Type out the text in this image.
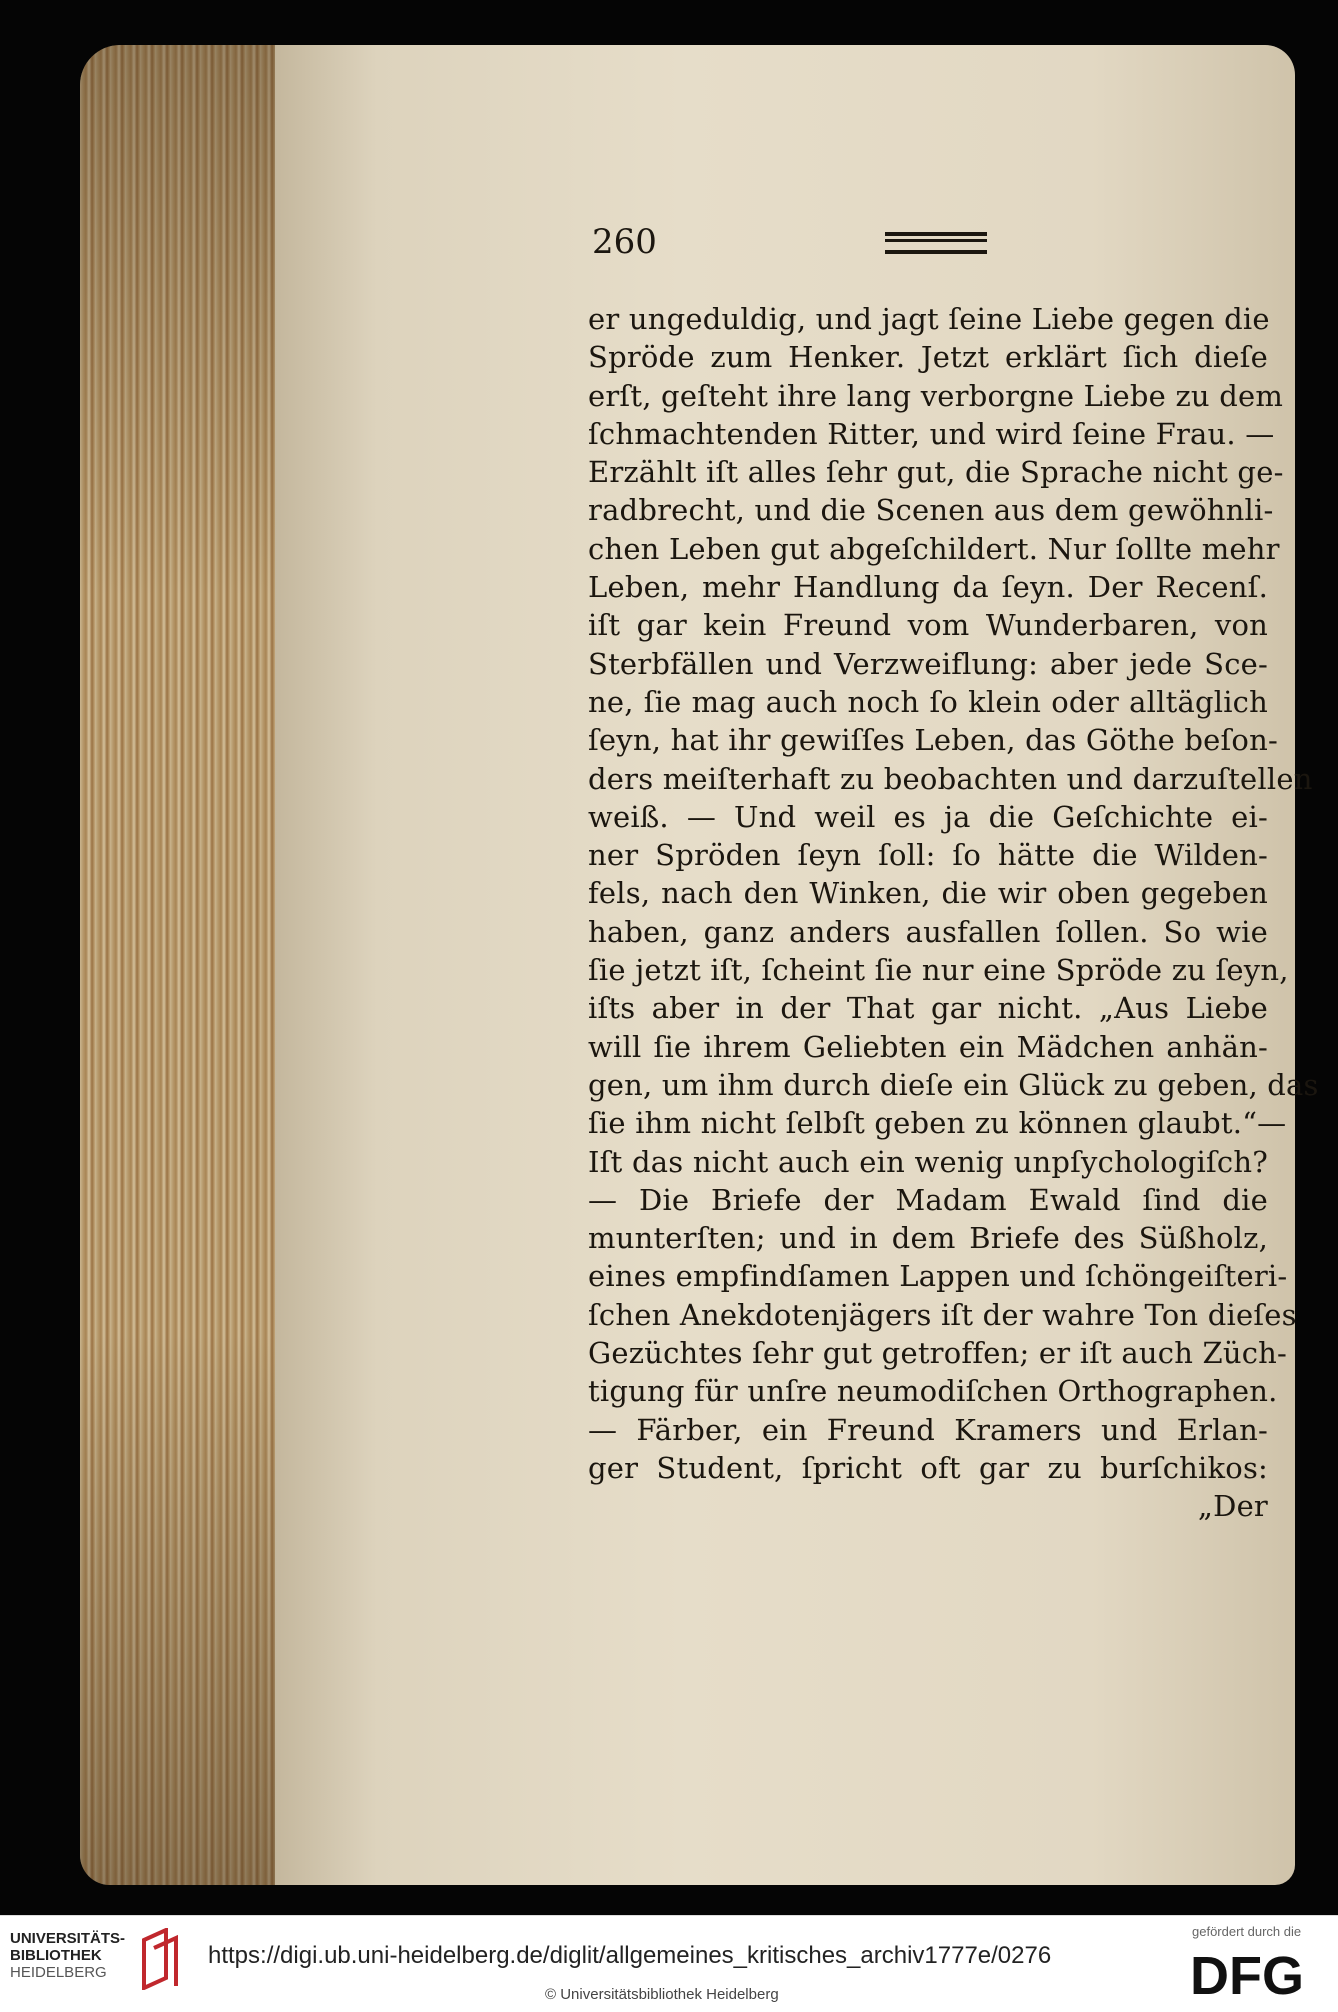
260
er ungeduldig, und jagt ſeine Liebe gegen die
Spröde zum Henker. Jetzt erklärt ſich dieſe
erſt, geſteht ihre lang verborgne Liebe zu dem
ſchmachtenden Ritter, und wird ſeine Frau. —
Erzählt iſt alles ſehr gut, die Sprache nicht ge-
radbrecht, und die Scenen aus dem gewöhnli-
chen Leben gut abgeſchildert. Nur ſollte mehr
Leben, mehr Handlung da ſeyn. Der Recenſ.
iſt gar kein Freund vom Wunderbaren, von
Sterbfällen und Verzweiflung: aber jede Sce-
ne, ſie mag auch noch ſo klein oder alltäglich
ſeyn, hat ihr gewiſſes Leben, das Göthe beſon-
ders meiſterhaft zu beobachten und darzuſtellen
weiß. — Und weil es ja die Geſchichte ei-
ner Spröden ſeyn ſoll: ſo hätte die Wilden-
fels, nach den Winken, die wir oben gegeben
haben, ganz anders ausfallen ſollen. So wie
ſie jetzt iſt, ſcheint ſie nur eine Spröde zu ſeyn,
iſts aber in der That gar nicht. „Aus Liebe
will ſie ihrem Geliebten ein Mädchen anhän-
gen, um ihm durch dieſe ein Glück zu geben, das
ſie ihm nicht ſelbſt geben zu können glaubt.“—
Iſt das nicht auch ein wenig unpſychologiſch?
— Die Briefe der Madam Ewald ſind die
munterſten; und in dem Briefe des Süßholz,
eines empfindſamen Lappen und ſchöngeiſteri-
ſchen Anekdotenjägers iſt der wahre Ton dieſes
Gezüchtes ſehr gut getroffen; er iſt auch Züch-
tigung für unſre neumodiſchen Orthographen.
— Färber, ein Freund Kramers und Erlan-
ger Student, ſpricht oft gar zu burſchikos:
„Der
UNIVERSITÄTS-
BIBLIOTHEK
HEIDELBERG
https://digi.ub.uni-heidelberg.de/diglit/allgemeines_kritisches_archiv1777e/0276
© Universitätsbibliothek Heidelberg
gefördert durch die
DFG
